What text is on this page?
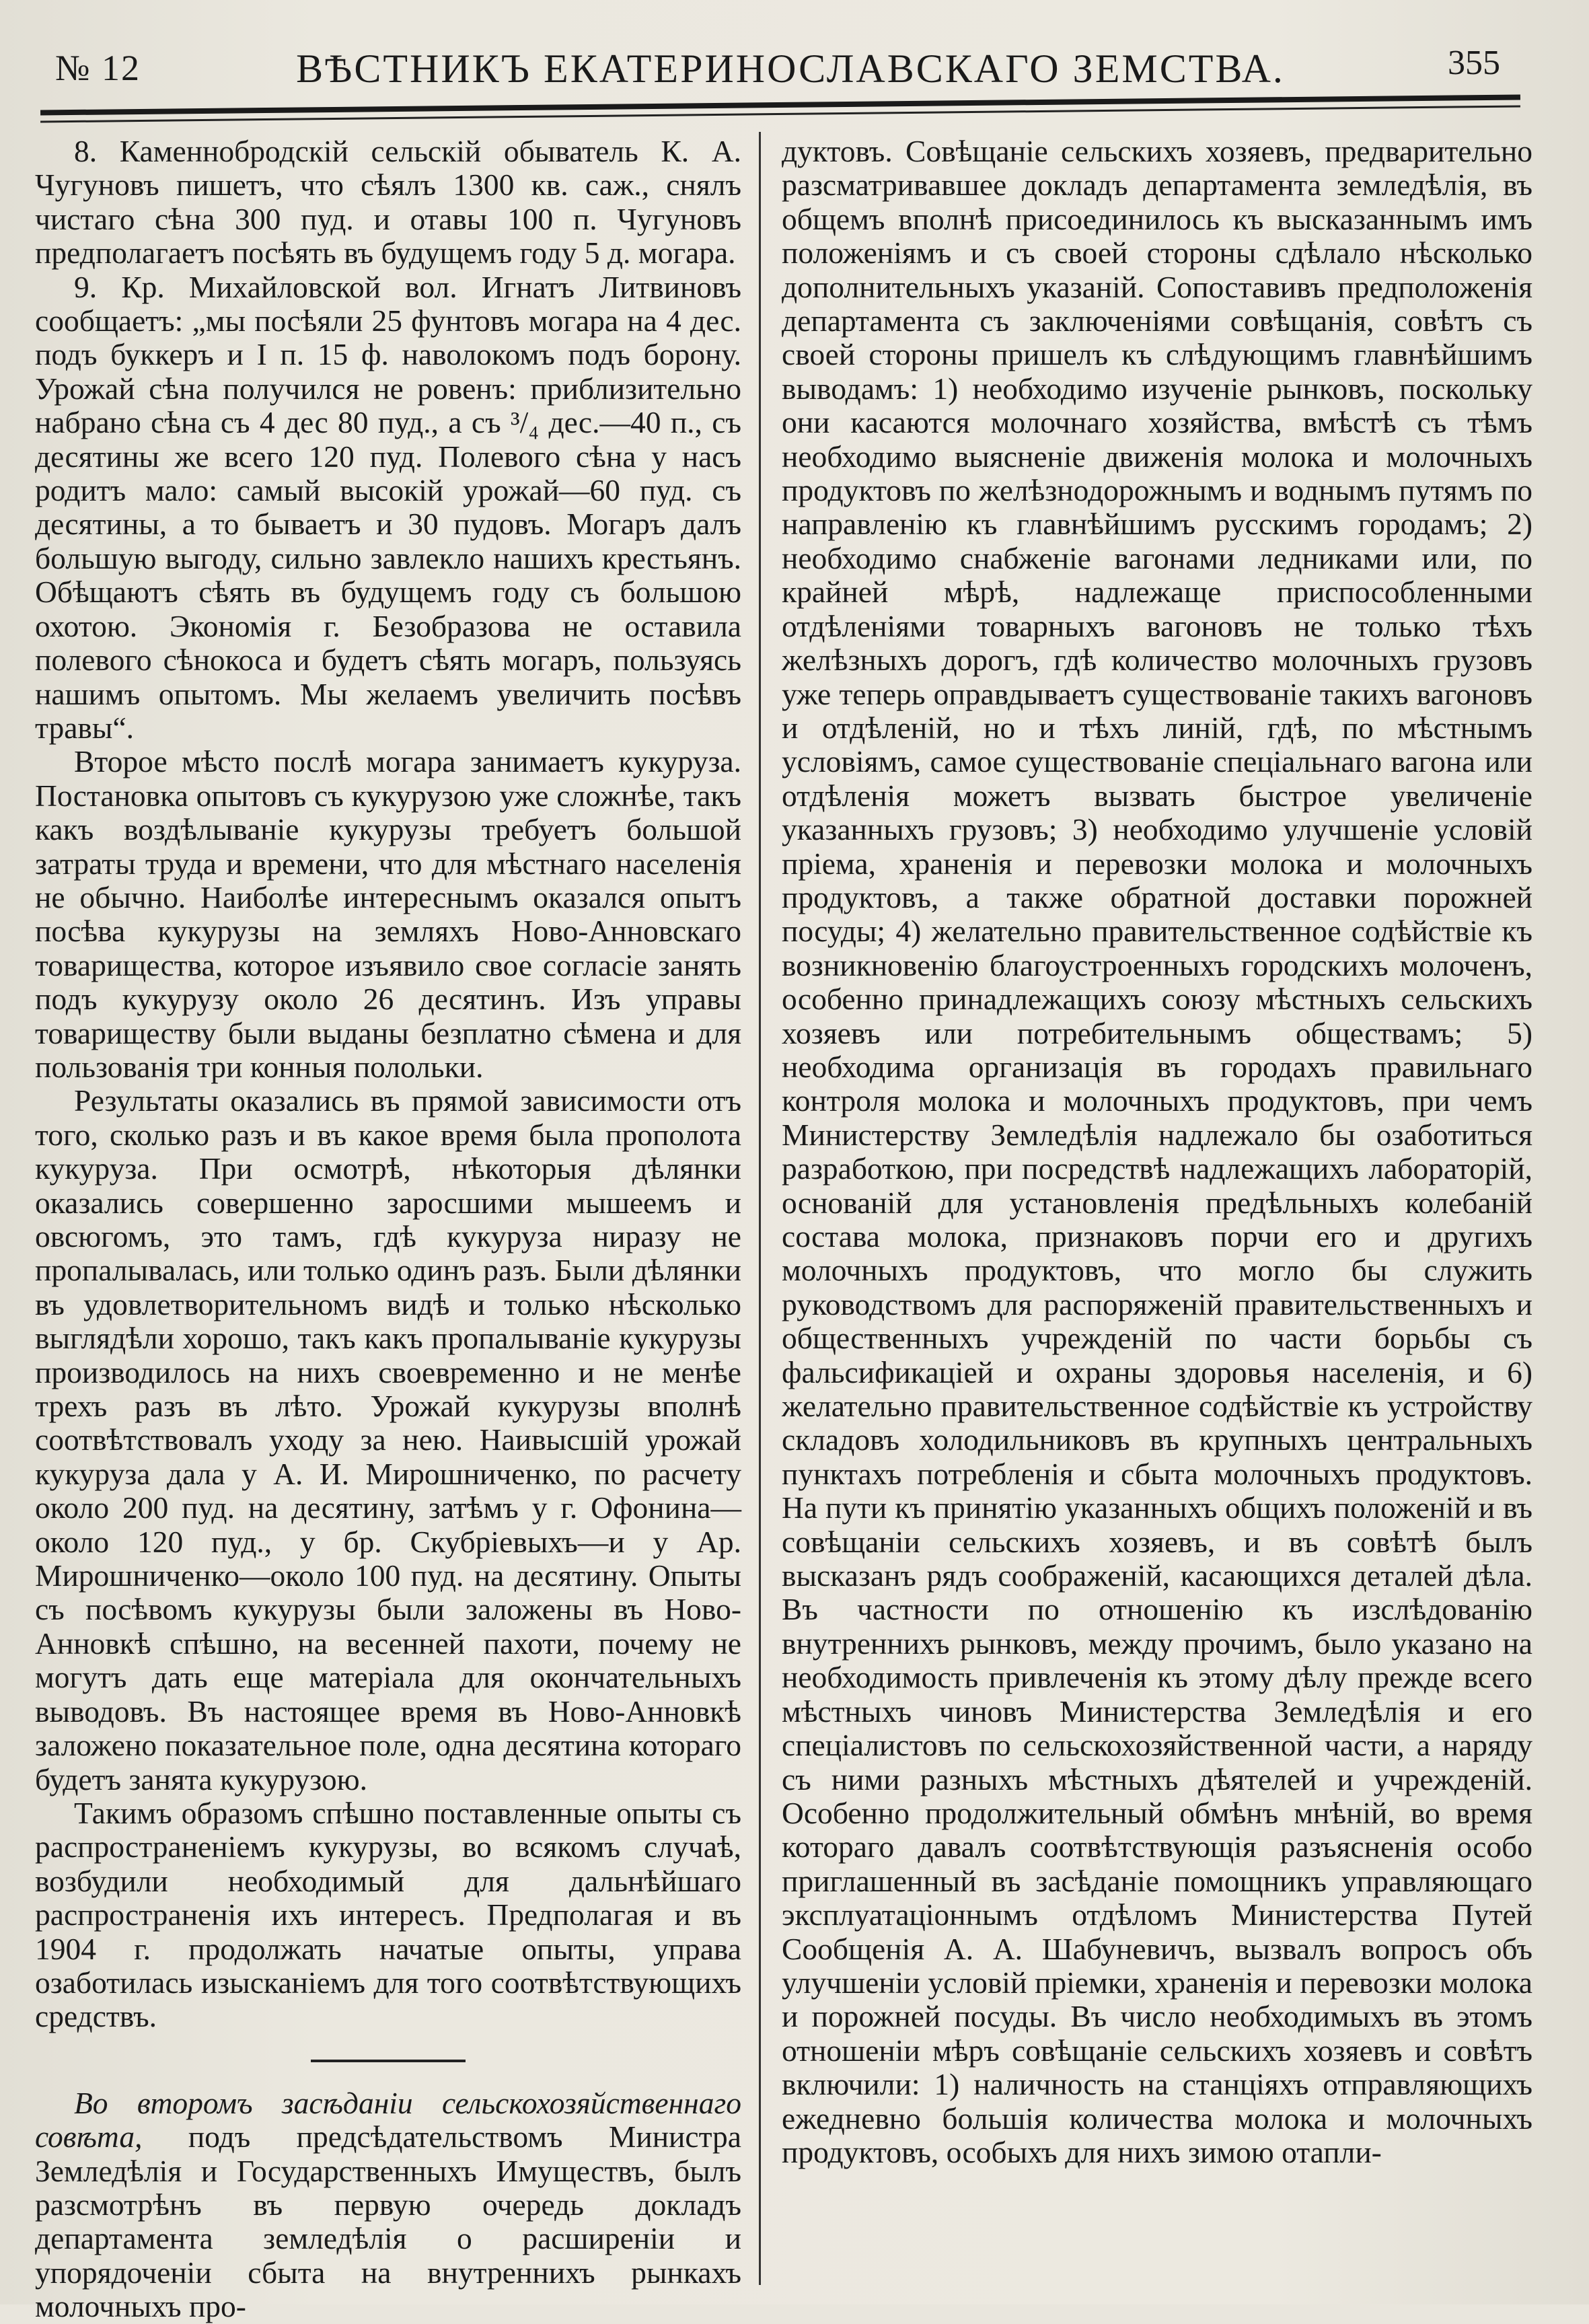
№ 12	ВѢСТНИКЪ ЕКАТЕРИНОСЛАВСКАГО ЗЕМСТВА.	355

8. Каменнобродскій сельскій обыватель К. А. Чугуновъ пишетъ, что сѣялъ 1300 кв. саж., снялъ чистаго сѣна 300 пуд. и отавы 100 п. Чугуновъ предполагаетъ посѣять въ будущемъ году 5 д. могара.

9. Кр. Михайловской вол. Игнатъ Литвиновъ сообщаетъ: „мы посѣяли 25 фунтовъ могара на 4 дес. подъ буккеръ и I п. 15 ф. наволокомъ подъ борону. Урожай сѣна получился не ровенъ: приблизительно набрано сѣна съ 4 дес 80 пуд., а съ ³/₄ дес.—40 п., съ десятины же всего 120 пуд. Полевого сѣна у насъ родитъ мало: самый высокій урожай—60 пуд. съ десятины, а то бываетъ и 30 пудовъ. Могаръ далъ большую выгоду, сильно завлекло нашихъ крестьянъ. Обѣщаютъ сѣять въ будущемъ году съ большою охотою. Экономія г. Безобразова не оставила полевого сѣнокоса и будетъ сѣять могаръ, пользуясь нашимъ опытомъ. Мы желаемъ увеличить посѣвъ травы“.

Второе мѣсто послѣ могара занимаетъ кукуруза. Постановка опытовъ съ кукурузою уже сложнѣе, такъ какъ воздѣлываніе кукурузы требуетъ большой затраты труда и времени, что для мѣстнаго населенія не обычно. Наиболѣе интереснымъ оказался опытъ посѣва кукурузы на земляхъ Ново-Анновскаго товарищества, которое изъявило свое согласіе занять подъ кукурузу около 26 десятинъ. Изъ управы товариществу были выданы безплатно сѣмена и для пользованія три конныя полольки.

Результаты оказались въ прямой зависимости отъ того, сколько разъ и въ какое время была прополота кукуруза. При осмотрѣ, нѣкоторыя дѣлянки оказались совершенно заросшими мышеемъ и овсюгомъ, это тамъ, гдѣ кукуруза ниразу не пропалывалась, или только одинъ разъ. Были дѣлянки въ удовлетворительномъ видѣ и только нѣсколько выглядѣли хорошо, такъ какъ пропалываніе кукурузы производилось на нихъ своевременно и не менѣе трехъ разъ въ лѣто. Урожай кукурузы вполнѣ соотвѣтствовалъ уходу за нею. Наивысшій урожай кукуруза дала у А. И. Мирошниченко, по расчету около 200 пуд. на десятину, затѣмъ у г. Офонина—около 120 пуд., у бр. Скубріевыхъ—и у Ар. Мирошниченко—около 100 пуд. на десятину. Опыты съ посѣвомъ кукурузы были заложены въ Ново-Анновкѣ спѣшно, на весенней пахоти, почему не могутъ дать еще матеріала для окончательныхъ выводовъ. Въ настоящее время въ Ново-Анновкѣ заложено показательное поле, одна десятина котораго будетъ занята кукурузою.

Такимъ образомъ спѣшно поставленные опыты съ распространеніемъ кукурузы, во всякомъ случаѣ, возбудили необходимый для дальнѣйшаго распространенія ихъ интересъ. Предполагая и въ 1904 г. продолжать начатые опыты, управа озаботилась изысканіемъ для того соотвѣтствующихъ средствъ.

Во второмъ засѣданіи сельскохозяйственнаго совѣта, подъ предсѣдательствомъ Министра Земледѣлія и Государственныхъ Имуществъ, былъ разсмотрѣнъ въ первую очередь докладъ департамента земледѣлія о расширеніи и упорядоченіи сбыта на внутреннихъ рынкахъ молочныхъ про-

дуктовъ. Совѣщаніе сельскихъ хозяевъ, предварительно разсматривавшее докладъ департамента земледѣлія, въ общемъ вполнѣ присоединилось къ высказаннымъ имъ положеніямъ и съ своей стороны сдѣлало нѣсколько дополнительныхъ указаній. Сопоставивъ предположенія департамента съ заключеніями совѣщанія, совѣтъ съ своей стороны пришелъ къ слѣдующимъ главнѣйшимъ выводамъ: 1) необходимо изученіе рынковъ, поскольку они касаются молочнаго хозяйства, вмѣстѣ съ тѣмъ необходимо выясненіе движенія молока и молочныхъ продуктовъ по желѣзнодорожнымъ и воднымъ путямъ по направленію къ главнѣйшимъ русскимъ городамъ; 2) необходимо снабженіе вагонами ледниками или, по крайней мѣрѣ, надлежаще приспособленными отдѣленіями товарныхъ вагоновъ не только тѣхъ желѣзныхъ дорогъ, гдѣ количество молочныхъ грузовъ уже теперь оправдываетъ существованіе такихъ вагоновъ и отдѣленій, но и тѣхъ линій, гдѣ, по мѣстнымъ условіямъ, самое существованіе спеціальнаго вагона или отдѣленія можетъ вызвать быстрое увеличеніе указанныхъ грузовъ; 3) необходимо улучшеніе условій пріема, храненія и перевозки молока и молочныхъ продуктовъ, а также обратной доставки порожней посуды; 4) желательно правительственное содѣйствіе къ возникновенію благоустроенныхъ городскихъ молоченъ, особенно принадлежащихъ союзу мѣстныхъ сельскихъ хозяевъ или потребительнымъ обществамъ; 5) необходима организація въ городахъ правильнаго контроля молока и молочныхъ продуктовъ, при чемъ Министерству Земледѣлія надлежало бы озаботиться разработкою, при посредствѣ надлежащихъ лабораторій, основаній для установленія предѣльныхъ колебаній состава молока, признаковъ порчи его и другихъ молочныхъ продуктовъ, что могло бы служить руководствомъ для распоряженій правительственныхъ и общественныхъ учрежденій по части борьбы съ фальсификаціей и охраны здоровья населенія, и 6) желательно правительственное содѣйствіе къ устройству складовъ холодильниковъ въ крупныхъ центральныхъ пунктахъ потребленія и сбыта молочныхъ продуктовъ. На пути къ принятію указанныхъ общихъ положеній и въ совѣщаніи сельскихъ хозяевъ, и въ совѣтѣ былъ высказанъ рядъ соображеній, касающихся деталей дѣла. Въ частности по отношенію къ изслѣдованію внутреннихъ рынковъ, между прочимъ, было указано на необходимость привлеченія къ этому дѣлу прежде всего мѣстныхъ чиновъ Министерства Земледѣлія и его спеціалистовъ по сельскохозяйственной части, а наряду съ ними разныхъ мѣстныхъ дѣятелей и учрежденій. Особенно продолжительный обмѣнъ мнѣній, во время котораго давалъ соотвѣтствующія разъясненія особо приглашенный въ засѣданіе помощникъ управляющаго эксплуатаціоннымъ отдѣломъ Министерства Путей Сообщенія А. А. Шабуневичъ, вызвалъ вопросъ объ улучшеніи условій пріемки, храненія и перевозки молока и порожней посуды. Въ число необходимыхъ въ этомъ отношеніи мѣръ совѣщаніе сельскихъ хозяевъ и совѣтъ включили: 1) наличность на станціяхъ отправляющихъ ежедневно большія количества молока и молочныхъ продуктовъ, особыхъ для нихъ зимою отапли-
